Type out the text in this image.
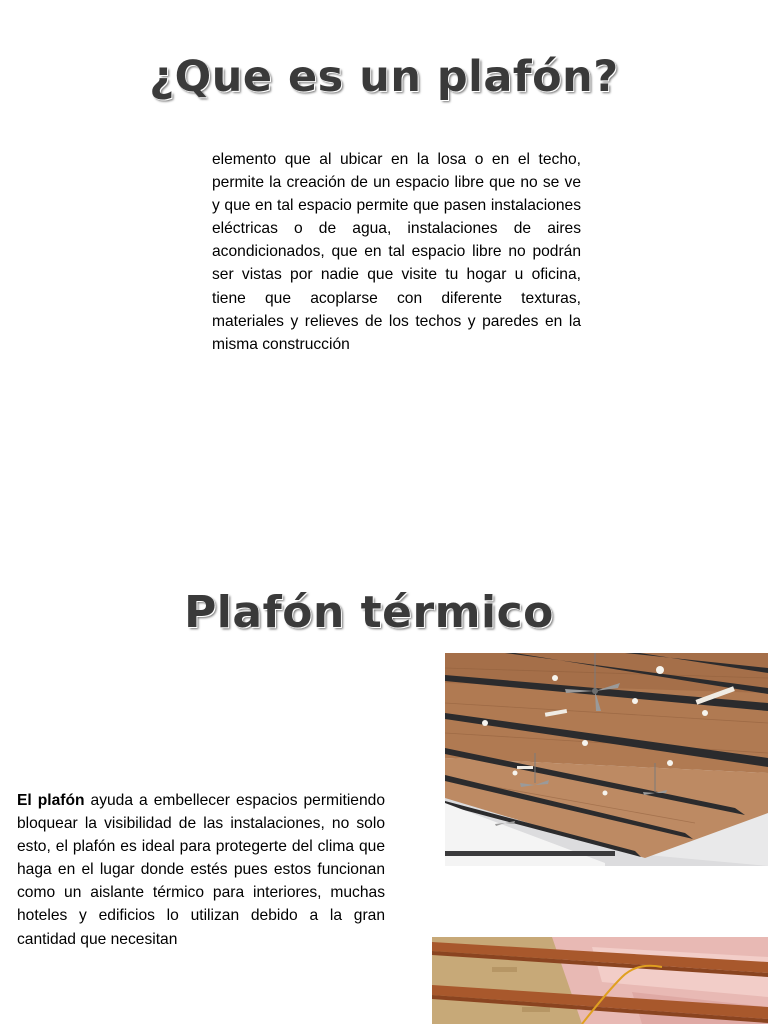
¿Que es un plafón?

elemento que al ubicar en la losa o en el techo, permite la creación de un espacio libre que no se ve y que en tal espacio permite que pasen instalaciones eléctricas o de agua, instalaciones de aires acondicionados, que en tal espacio libre no podrán ser vistas por nadie que visite tu hogar u oficina, tiene que acoplarse con diferente texturas, materiales y relieves de los techos y paredes en la misma construcción

Plafón térmico

El plafón ayuda a embellecer espacios permitiendo bloquear la visibilidad de las instalaciones, no solo esto, el plafón es ideal para protegerte del clima que haga en el lugar donde estés pues estos funcionan como un aislante térmico para interiores, muchas hoteles y edificios lo utilizan debido a la gran cantidad que necesitan
